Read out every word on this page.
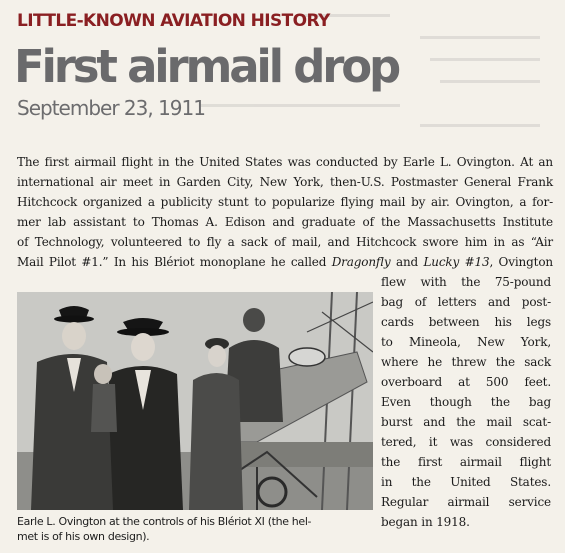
LITTLE-KNOWN AVIATION HISTORY
First airmail drop
September 23, 1911

The first airmail flight in the United States was conducted by Earle L. Ovington. At an
international air meet in Garden City, New York, then-U.S. Postmaster General Frank
Hitchcock organized a publicity stunt to popularize flying mail by air. Ovington, a for-
mer lab assistant to Thomas A. Edison and graduate of the Massachusetts Institute
of Technology, volunteered to fly a sack of mail, and Hitchcock swore him in as “Air
Mail Pilot #1.” In his Blériot monoplane he called Dragonfly and Lucky #13, Ovington

flew with the 75-pound
bag of letters and post-
cards between his legs
to Mineola, New York,
where he threw the sack
overboard at 500 feet.
Even though the bag
burst and the mail scat-
tered, it was considered
the first airmail flight
in the United States.
Regular airmail service
began in 1918.
Earle L. Ovington at the controls of his Blériot XI (the hel-
met is of his own design).
